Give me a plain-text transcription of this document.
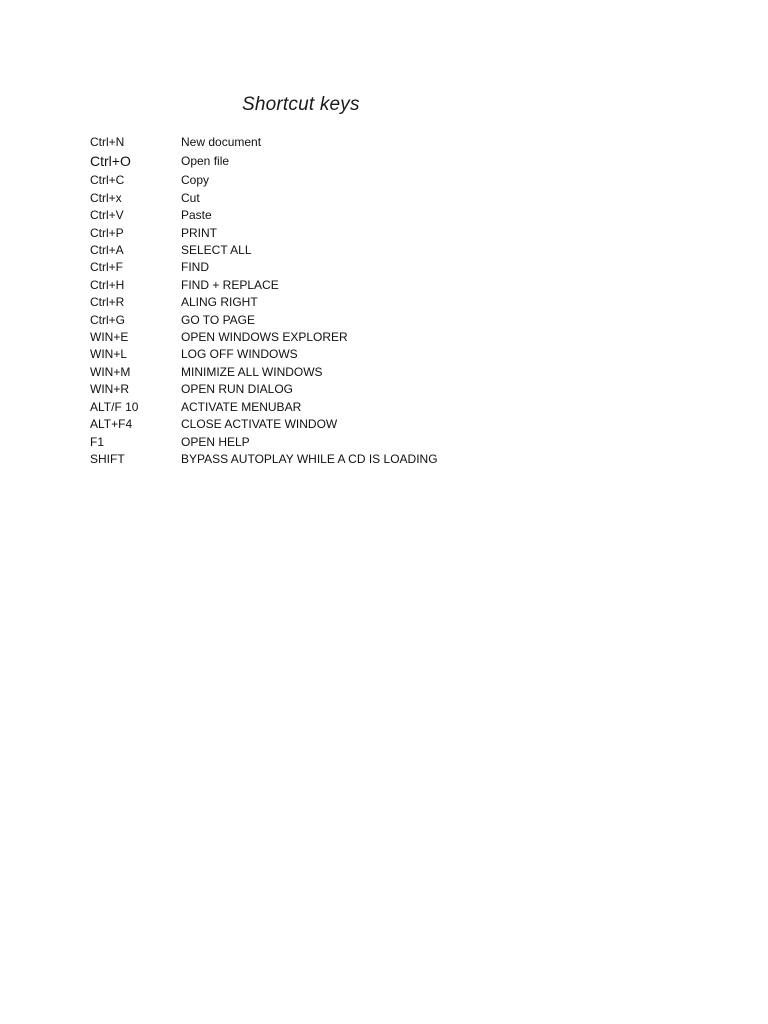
Shortcut keys
Ctrl+N	New document
Ctrl+O	Open file
Ctrl+C	Copy
Ctrl+x	Cut
Ctrl+V	Paste
Ctrl+P	PRINT
Ctrl+A	SELECT ALL
Ctrl+F	FIND
Ctrl+H	FIND + REPLACE
Ctrl+R	ALING RIGHT
Ctrl+G	GO TO PAGE
WIN+E	OPEN WINDOWS EXPLORER
WIN+L	LOG OFF WINDOWS
WIN+M	MINIMIZE ALL WINDOWS
WIN+R	OPEN RUN DIALOG
ALT/F 10	ACTIVATE MENUBAR
ALT+F4	CLOSE ACTIVATE WINDOW
F1	OPEN HELP
SHIFT	BYPASS AUTOPLAY WHILE A CD IS LOADING
